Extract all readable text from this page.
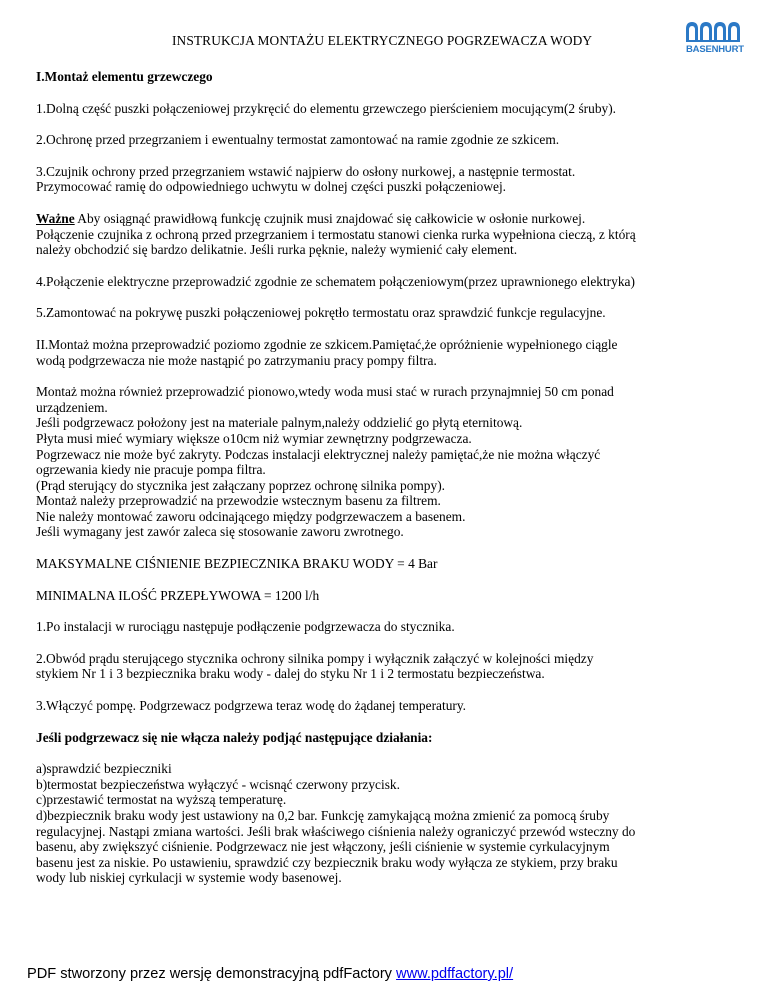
INSTRUKCJA MONTAŻU ELEKTRYCZNEGO POGRZEWACZA WODY
BASENHURT

I.Montaż elementu grzewczego

1.Dolną część puszki połączeniowej przykręcić do elementu grzewczego pierścieniem mocującym(2 śruby).

2.Ochronę przed przegrzaniem i ewentualny termostat zamontować na ramie zgodnie ze szkicem.

3.Czujnik ochrony przed przegrzaniem wstawić najpierw do osłony nurkowej, a następnie termostat.

Przymocować ramię do odpowiedniego uchwytu w dolnej części puszki połączeniowej.

Ważne Aby osiągnąć prawidłową funkcję czujnik musi znajdować się całkowicie w osłonie nurkowej.

Połączenie czujnika z ochroną przed przegrzaniem i termostatu stanowi cienka rurka wypełniona cieczą, z którą

należy obchodzić się bardzo delikatnie. Jeśli rurka pęknie, należy wymienić cały element.

4.Połączenie elektryczne przeprowadzić zgodnie ze schematem połączeniowym(przez uprawnionego elektryka)

5.Zamontować na pokrywę puszki połączeniowej pokrętło termostatu oraz sprawdzić funkcje regulacyjne.

II.Montaż można przeprowadzić poziomo zgodnie ze szkicem.Pamiętać,że opróżnienie wypełnionego ciągle

wodą podgrzewacza nie może nastąpić po zatrzymaniu pracy pompy filtra.

Montaż można również przeprowadzić pionowo,wtedy woda musi stać w rurach przynajmniej 50 cm ponad

urządzeniem.

Jeśli podgrzewacz położony jest na materiale palnym,należy oddzielić go płytą eternitową.

Płyta musi mieć wymiary większe o10cm niż wymiar zewnętrzny podgrzewacza.

Pogrzewacz nie może być zakryty. Podczas instalacji elektrycznej należy pamiętać,że nie można włączyć

ogrzewania kiedy nie pracuje pompa filtra.

(Prąd sterujący do stycznika jest załączany poprzez ochronę silnika pompy).

Montaż należy przeprowadzić na przewodzie wstecznym basenu za filtrem.

Nie należy montować zaworu odcinającego między podgrzewaczem a basenem.

Jeśli wymagany jest zawór zaleca się stosowanie zaworu zwrotnego.

MAKSYMALNE CIŚNIENIE BEZPIECZNIKA BRAKU WODY = 4 Bar

MINIMALNA ILOŚĆ PRZEPŁYWOWA = 1200 l/h

1.Po instalacji w rurociągu następuje podłączenie podgrzewacza do stycznika.

2.Obwód prądu sterującego stycznika ochrony silnika pompy i wyłącznik załączyć w kolejności między

stykiem Nr 1 i 3 bezpiecznika braku wody - dalej do styku Nr 1 i 2 termostatu bezpieczeństwa.

3.Włączyć pompę. Podgrzewacz podgrzewa teraz wodę do żądanej temperatury.

Jeśli podgrzewacz się nie włącza należy podjąć następujące działania:

a)sprawdzić bezpieczniki

b)termostat bezpieczeństwa wyłączyć - wcisnąć czerwony przycisk.

c)przestawić termostat na wyższą temperaturę.

d)bezpiecznik braku wody jest ustawiony na 0,2 bar. Funkcję zamykającą można zmienić za pomocą śruby

regulacyjnej. Nastąpi zmiana wartości. Jeśli brak właściwego ciśnienia należy ograniczyć przewód wsteczny do

basenu, aby zwiększyć ciśnienie. Podgrzewacz nie jest włączony, jeśli ciśnienie w systemie cyrkulacyjnym

basenu jest za niskie. Po ustawieniu, sprawdzić czy bezpiecznik braku wody wyłącza ze stykiem, przy braku

wody lub niskiej cyrkulacji w systemie wody basenowej.

PDF stworzony przez wersję demonstracyjną pdfFactory www.pdffactory.pl/
